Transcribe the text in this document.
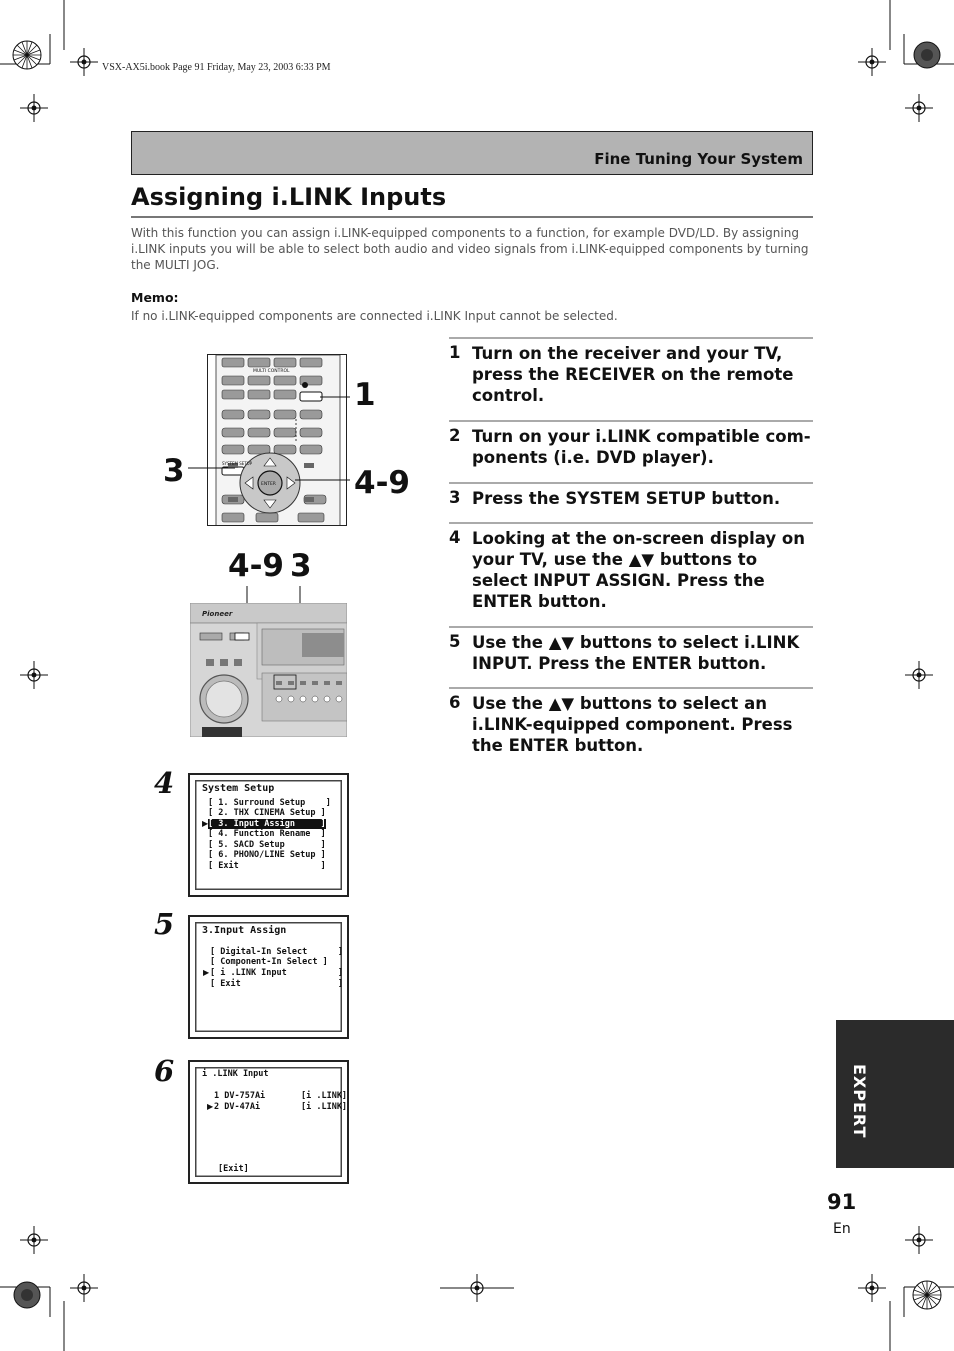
VSX-AX5i.book Page 91 Friday, May 23, 2003 6:33 PM
Fine Tuning Your System
Assigning i.LINK Inputs
With this function you can assign i.LINK-equipped components to a function, for example DVD/LD. By assigning i.LINK inputs you will be able to select both audio and video signals from i.LINK-equipped components by turning the MULTI JOG.
Memo:
If no i.LINK-equipped components are connected i.LINK Input cannot be selected.
1 Turn on the receiver and your TV, press the RECEIVER on the remote control.
2 Turn on your i.LINK compatible com- ponents (i.e. DVD player).
3 Press the SYSTEM SETUP button.
4 Looking at the on-screen display on your TV, use the ▲▼ buttons to select INPUT ASSIGN. Press the ENTER button.
5 Use the ▲▼ buttons to select i.LINK INPUT. Press the ENTER button.
6 Use the ▲▼ buttons to select an i.LINK-equipped component. Press the ENTER button.
MULTI CONTROL
SYSTEM SETUP
ENTER
1
3	4-9
4-9 3
Pioneer
4	System Setup
[ 1. Surround Setup    ]
[ 2. THX CINEMA Setup ]
▶ [ 3. Input Assign     ]
[ 4. Function Rename  ]
[ 5. SACD Setup       ]
[ 6. PHONO/LINE Setup ]
[ Exit                ]
5	3.Input Assign
[ Digital-In Select      ]
[ Component-In Select ]
▶ [ i .LINK Input          ]
[ Exit                   ]
6	i .LINK Input
1 DV-757Ai       [i .LINK]
▶ 2 DV-47Ai        [i .LINK]
[Exit]
EXPERT
91
En
